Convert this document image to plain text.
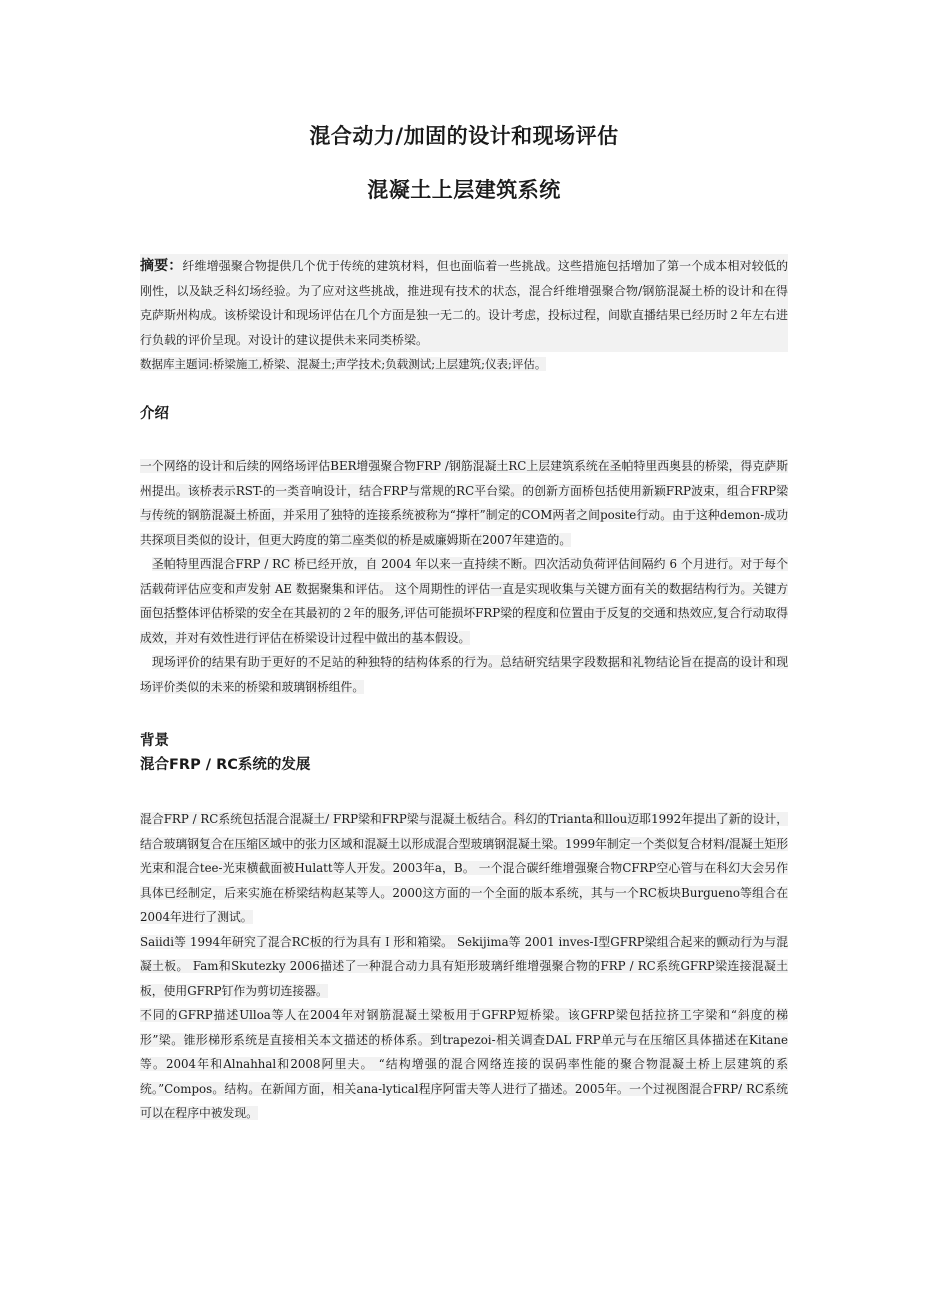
混合动力/加固的设计和现场评估
混凝土上层建筑系统
摘要：纤维增强聚合物提供几个优于传统的建筑材料，但也面临着一些挑战。这些措施包括增加了第一个成本相对较低的刚性，以及缺乏科幻场经验。为了应对这些挑战，推进现有技术的状态，混合纤维增强聚合物/钢筋混凝土桥的设计和在得克萨斯州构成。该桥梁设计和现场评估在几个方面是独一无二的。设计考虑，投标过程，间歇直播结果已经历时２年左右进行负载的评价呈现。对设计的建议提供未来同类桥梁。
数据库主题词:桥梁施工,桥梁、混凝土;声学技术;负载测试;上层建筑;仪表;评估。
介绍

一个网络的设计和后续的网络场评估BER增强聚合物FRP /钢筋混凝土RC上层建筑系统在圣帕特里西奥县的桥梁，得克萨斯州提出。该桥表示RST-的一类音响设计，结合FRP与常规的RC平台梁。的创新方面桥包括使用新颖FRP波束，组合FRP梁与传统的钢筋混凝土桥面，并采用了独特的连接系统被称为“撑杆”制定的COM两者之间posite行动。由于这种demon-成功共探项目类似的设计，但更大跨度的第二座类似的桥是威廉姆斯在2007年建造的。

圣帕特里西混合FRP / RC 桥已经开放，自 2004 年以来一直持续不断。四次活动负荷评估间隔约 6 个月进行。对于每个活载荷评估应变和声发射 AE 数据聚集和评估。 这个周期性的评估一直是实现收集与关键方面有关的数据结构行为。关键方面包括整体评估桥梁的安全在其最初的２年的服务,评估可能损坏FRP梁的程度和位置由于反复的交通和热效应,复合行动取得成效，并对有效性进行评估在桥梁设计过程中做出的基本假设。

现场评价的结果有助于更好的不足站的种独特的结构体系的行为。总结研究结果字段数据和礼物结论旨在提高的设计和现场评价类似的未来的桥梁和玻璃钢桥组件。

背景
混合FRP / RC系统的发展

混合FRP / RC系统包括混合混凝土/ FRP梁和FRP梁与混凝土板结合。科幻的Trianta和llou迈耶1992年提出了新的设计，结合玻璃钢复合在压缩区域中的张力区域和混凝土以形成混合型玻璃钢混凝土梁。1999年制定一个类似复合材料/混凝土矩形光束和混合tee-光束横截面被Hulatt等人开发。2003年a，B。 一个混合碳纤维增强聚合物CFRP空心管与在科幻大会另作具体已经制定，后来实施在桥梁结构赵某等人。2000这方面的一个全面的版本系统，其与一个RC板块Burgueno等组合在2004年进行了测试。

Saiidi等 1994年研究了混合RC板的行为具有Ｉ形和箱梁。 Sekijima等 2001 inves-I型GFRP梁组合起来的颤动行为与混凝土板。 Fam和Skutezky 2006描述了一种混合动力具有矩形玻璃纤维增强聚合物的FRP / RC系统GFRP梁连接混凝土板，使用GFRP钉作为剪切连接器。

不同的GFRP描述Ulloa等人在2004年对钢筋混凝土梁板用于GFRP短桥梁。该GFRP梁包括拉挤工字梁和“斜度的梯形”梁。锥形梯形系统是直接相关本文描述的桥体系。到trapezoi-相关调查DAL FRP单元与在压缩区具体描述在Kitane等。2004年和Alnahhal和2008阿里夫。 “结构增强的混合网络连接的误码率性能的聚合物混凝土桥上层建筑的系统。”Compos。结构。在新闻方面，相关ana-lytical程序阿雷夫等人进行了描述。2005年。一个过视图混合FRP/ RC系统可以在程序中被发现。
